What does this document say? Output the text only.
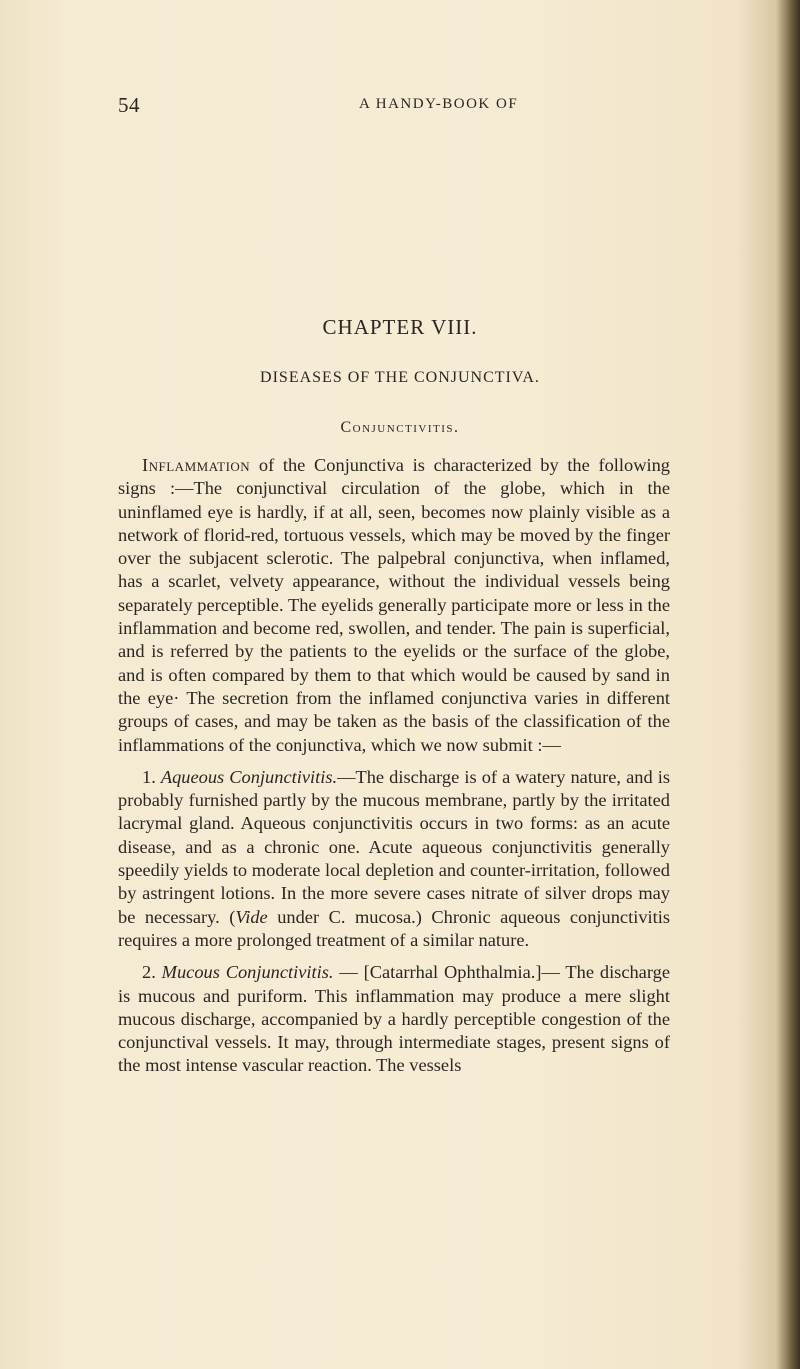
54	A HANDY-BOOK OF
CHAPTER VIII.
DISEASES OF THE CONJUNCTIVA.
Conjunctivitis.

Inflammation of the Conjunctiva is characterized by the following signs :—The conjunctival circulation of the globe, which in the uninflamed eye is hardly, if at all, seen, becomes now plainly visible as a network of florid-red, tortuous vessels, which may be moved by the finger over the subjacent sclerotic. The palpebral conjunctiva, when inflamed, has a scarlet, velvety appearance, without the individual vessels being separately perceptible. The eyelids generally participate more or less in the inflammation and become red, swollen, and tender. The pain is superficial, and is referred by the patients to the eyelids or the surface of the globe, and is often compared by them to that which would be caused by sand in the eye· The secretion from the inflamed conjunctiva varies in different groups of cases, and may be taken as the basis of the classification of the inflammations of the conjunctiva, which we now submit :—

1. Aqueous Conjunctivitis.—The discharge is of a watery nature, and is probably furnished partly by the mucous membrane, partly by the irritated lacrymal gland. Aqueous conjunctivitis occurs in two forms: as an acute disease, and as a chronic one. Acute aqueous conjunctivitis generally speedily yields to moderate local depletion and counter-irritation, followed by astringent lotions. In the more severe cases nitrate of silver drops may be necessary. (Vide under C. mucosa.) Chronic aqueous conjunctivitis requires a more prolonged treatment of a similar nature.

2. Mucous Conjunctivitis. — [Catarrhal Ophthalmia.]— The discharge is mucous and puriform. This inflammation may produce a mere slight mucous discharge, accompanied by a hardly perceptible congestion of the conjunctival vessels. It may, through intermediate stages, present signs of the most intense vascular reaction. The vessels
